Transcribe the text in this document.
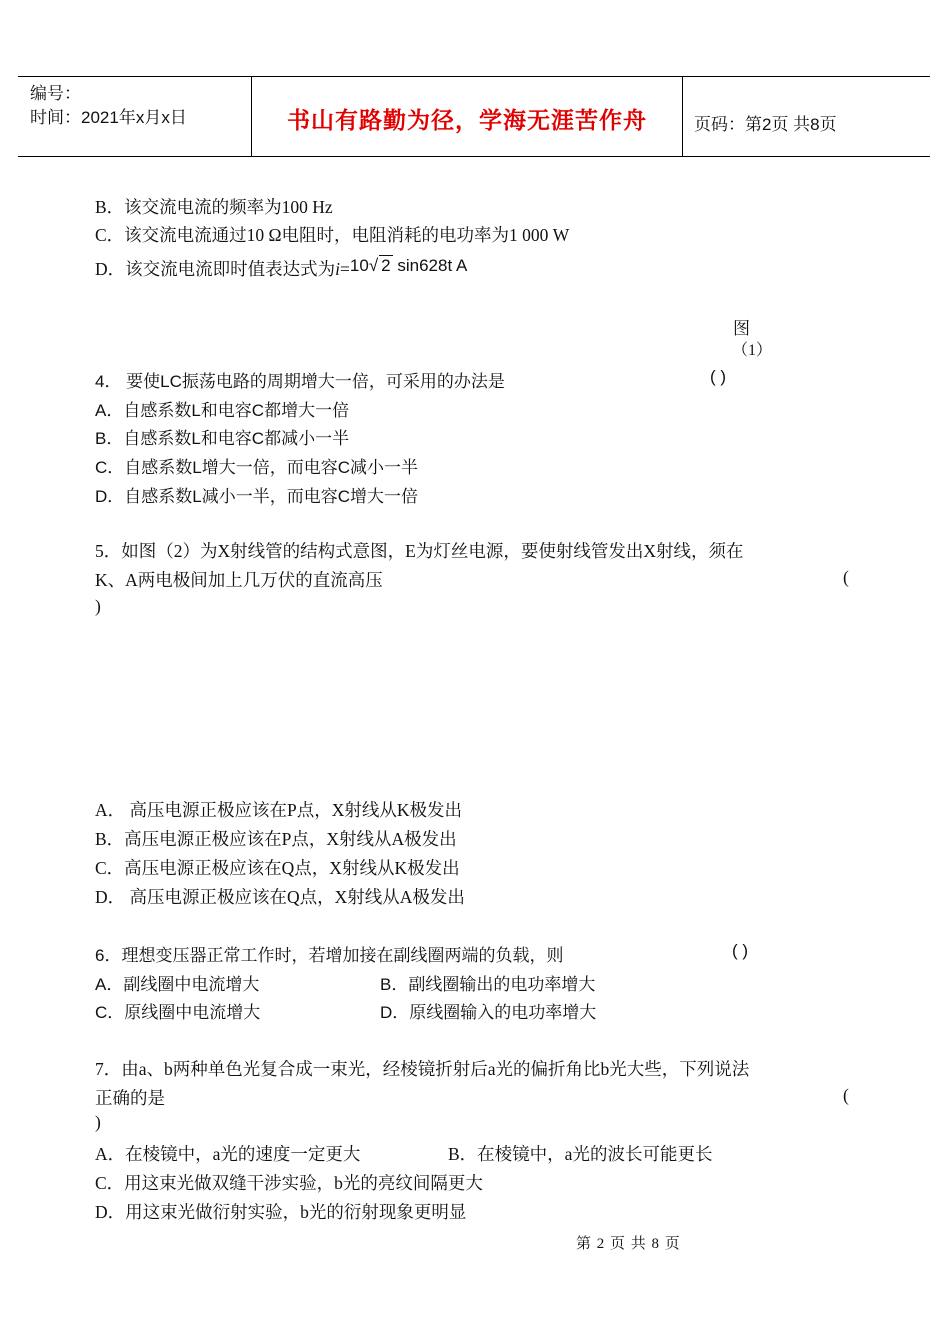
编号：
时间：2021年x月x日	书山有路勤为径，学海无涯苦作舟	页码：第2页 共8页
B．该交流电流的频率为100 Hz
C．该交流电流通过10 Ω电阻时，电阻消耗的电功率为1 000 W
D．该交流电流即时值表达式为i=10√ 2 sin628t A
图
（1）
4． 要使LC振荡电路的周期增大一倍，可采用的办法是	( )
A．自感系数L和电容C都增大一倍
B．自感系数L和电容C都减小一半
C．自感系数L增大一倍，而电容C减小一半
D．自感系数L减小一半，而电容C增大一倍
5．如图（2）为X射线管的结构式意图，E为灯丝电源，要使射线管发出X射线，须在
K、A两电极间加上几万伏的直流高压	(
)
A． 高压电源正极应该在P点，X射线从K极发出
B．高压电源正极应该在P点，X射线从A极发出
C．高压电源正极应该在Q点，X射线从K极发出
D． 高压电源正极应该在Q点，X射线从A极发出
6．理想变压器正常工作时，若增加接在副线圈两端的负载，则	( )
A．副线圈中电流增大	B．副线圈输出的电功率增大
C．原线圈中电流增大	D．原线圈输入的电功率增大
7．由a、b两种单色光复合成一束光，经棱镜折射后a光的偏折角比b光大些，下列说法
正确的是	(
)
A．在棱镜中，a光的速度一定更大	B．在棱镜中，a光的波长可能更长
C．用这束光做双缝干涉实验，b光的亮纹间隔更大
D．用这束光做衍射实验，b光的衍射现象更明显
第 2 页 共 8 页
